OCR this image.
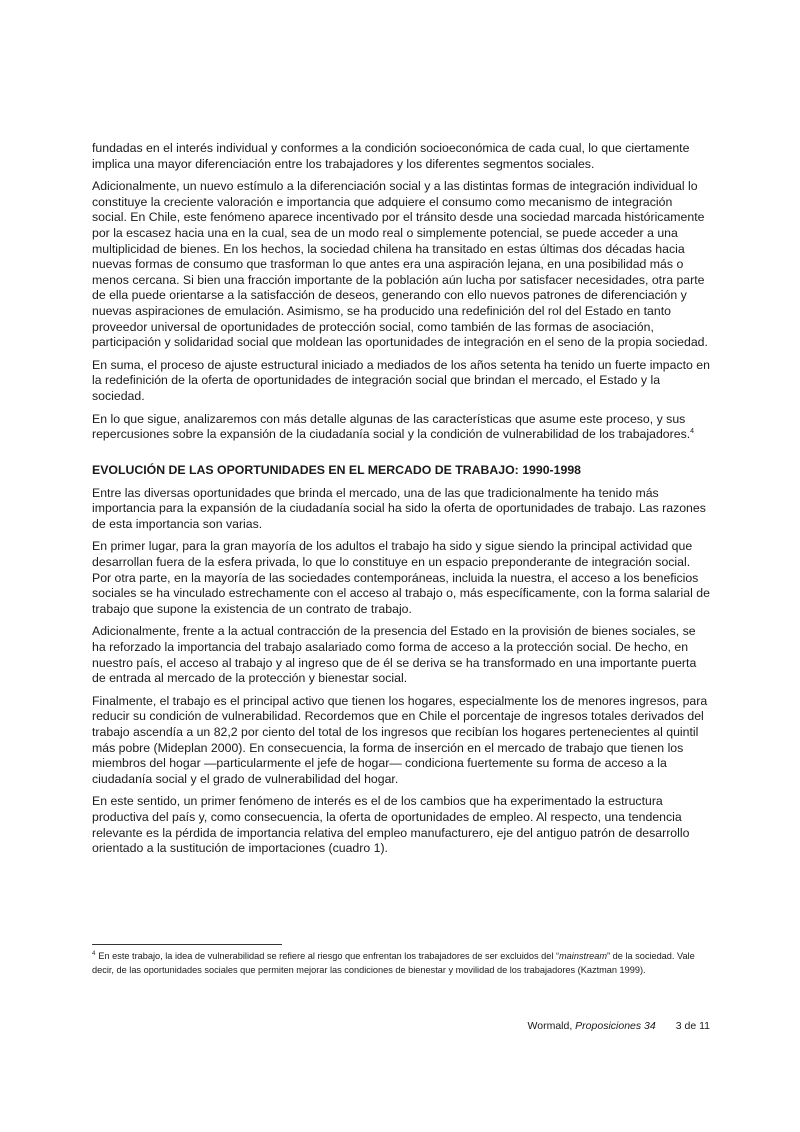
fundadas en el interés individual y conformes a la condición socioeconómica de cada cual, lo que ciertamente implica una mayor diferenciación entre los trabajadores y los diferentes segmentos sociales.

Adicionalmente, un nuevo estímulo a la diferenciación social y a las distintas formas de integración individual lo constituye la creciente valoración e importancia que adquiere el consumo como mecanismo de integración social. En Chile, este fenómeno aparece incentivado por el tránsito desde una sociedad marcada históricamente por la escasez hacia una en la cual, sea de un modo real o simplemente potencial, se puede acceder a una multiplicidad de bienes. En los hechos, la sociedad chilena ha transitado en estas últimas dos décadas hacia nuevas formas de consumo que trasforman lo que antes era una aspiración lejana, en una posibilidad más o menos cercana. Si bien una fracción importante de la población aún lucha por satisfacer necesidades, otra parte de ella puede orientarse a la satisfacción de deseos, generando con ello nuevos patrones de diferenciación y nuevas aspiraciones de emulación. Asimismo, se ha producido una redefinición del rol del Estado en tanto proveedor universal de oportunidades de protección social, como también de las formas de asociación, participación y solidaridad social que moldean las oportunidades de integración en el seno de la propia sociedad.

En suma, el proceso de ajuste estructural iniciado a mediados de los años setenta ha tenido un fuerte impacto en la redefinición de la oferta de oportunidades de integración social que brindan el mercado, el Estado y la sociedad.

En lo que sigue, analizaremos con más detalle algunas de las características que asume este proceso, y sus repercusiones sobre la expansión de la ciudadanía social y la condición de vulnerabilidad de los trabajadores.$^4$

EVOLUCIÓN DE LAS OPORTUNIDADES EN EL MERCADO DE TRABAJO: 1990-1998

Entre las diversas oportunidades que brinda el mercado, una de las que tradicionalmente ha tenido más importancia para la expansión de la ciudadanía social ha sido la oferta de oportunidades de trabajo. Las razones de esta importancia son varias.

En primer lugar, para la gran mayoría de los adultos el trabajo ha sido y sigue siendo la principal actividad que desarrollan fuera de la esfera privada, lo que lo constituye en un espacio preponderante de integración social. Por otra parte, en la mayoría de las sociedades contemporáneas, incluida la nuestra, el acceso a los beneficios sociales se ha vinculado estrechamente con el acceso al trabajo o, más específicamente, con la forma salarial de trabajo que supone la existencia de un contrato de trabajo.

Adicionalmente, frente a la actual contracción de la presencia del Estado en la provisión de bienes sociales, se ha reforzado la importancia del trabajo asalariado como forma de acceso a la protección social. De hecho, en nuestro país, el acceso al trabajo y al ingreso que de él se deriva se ha transformado en una importante puerta de entrada al mercado de la protección y bienestar social.

Finalmente, el trabajo es el principal activo que tienen los hogares, especialmente los de menores ingresos, para reducir su condición de vulnerabilidad. Recordemos que en Chile el porcentaje de ingresos totales derivados del trabajo ascendía a un 82,2 por ciento del total de los ingresos que recibían los hogares pertenecientes al quintil más pobre (Mideplan 2000). En consecuencia, la forma de inserción en el mercado de trabajo que tienen los miembros del hogar —particularmente el jefe de hogar— condiciona fuertemente su forma de acceso a la ciudadanía social y el grado de vulnerabilidad del hogar.

En este sentido, un primer fenómeno de interés es el de los cambios que ha experimentado la estructura productiva del país y, como consecuencia, la oferta de oportunidades de empleo. Al respecto, una tendencia relevante es la pérdida de importancia relativa del empleo manufacturero, eje del antiguo patrón de desarrollo orientado a la sustitución de importaciones (cuadro 1).

$^4$ En este trabajo, la idea de vulnerabilidad se refiere al riesgo que enfrentan los trabajadores de ser excluidos del “mainstream” de la sociedad. Vale decir, de las oportunidades sociales que permiten mejorar las condiciones de bienestar y movilidad de los trabajadores (Kaztman 1999).
Wormald, Proposiciones 34 3 de 11
